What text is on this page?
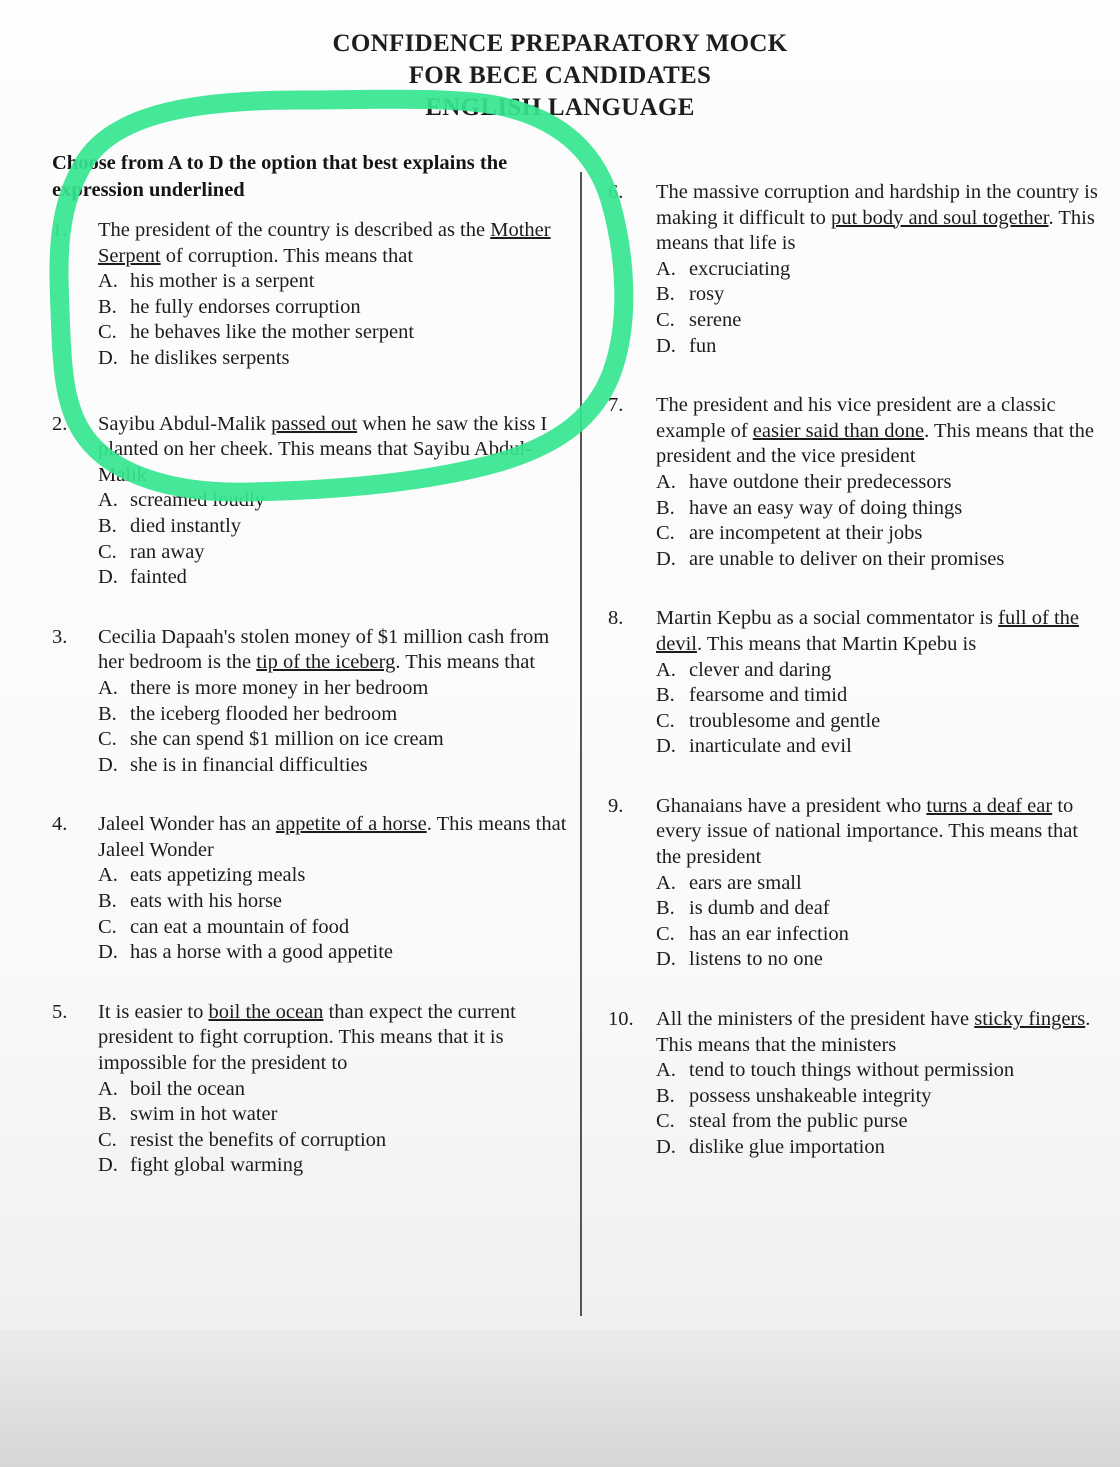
CONFIDENCE PREPARATORY MOCK
FOR BECE CANDIDATES
ENGLISH LANGUAGE

Choose from A to D the option that best explains the expression underlined

1.	The president of the country is described as the Mother Serpent of corruption. This means that
A. his mother is a serpent
B. he fully endorses corruption
C. he behaves like the mother serpent
D. he dislikes serpents
2.	Sayibu Abdul-Malik passed out when he saw the kiss I planted on her cheek. This means that Sayibu Abdul-Malik
A. screamed loudly
B. died instantly
C. ran away
D. fainted
3.	Cecilia Dapaah's stolen money of $1 million cash from her bedroom is the tip of the iceberg. This means that
A. there is more money in her bedroom
B. the iceberg flooded her bedroom
C. she can spend $1 million on ice cream
D. she is in financial difficulties
4.	Jaleel Wonder has an appetite of a horse. This means that Jaleel Wonder
A. eats appetizing meals
B. eats with his horse
C. can eat a mountain of food
D. has a horse with a good appetite
5.	It is easier to boil the ocean than expect the current president to fight corruption. This means that it is impossible for the president to
A. boil the ocean
B. swim in hot water
C. resist the benefits of corruption
D. fight global warming
6.	The massive corruption and hardship in the country is making it difficult to put body and soul together. This means that life is
A. excruciating
B. rosy
C. serene
D. fun
7.	The president and his vice president are a classic example of easier said than done. This means that the president and the vice president
A. have outdone their predecessors
B. have an easy way of doing things
C. are incompetent at their jobs
D. are unable to deliver on their promises
8.	Martin Kepbu as a social commentator is full of the devil. This means that Martin Kpebu is
A. clever and daring
B. fearsome and timid
C. troublesome and gentle
D. inarticulate and evil
9.	Ghanaians have a president who turns a deaf ear to every issue of national importance. This means that the president
A. ears are small
B. is dumb and deaf
C. has an ear infection
D. listens to no one
10.	All the ministers of the president have sticky fingers. This means that the ministers
A. tend to touch things without permission
B. possess unshakeable integrity
C. steal from the public purse
D. dislike glue importation
